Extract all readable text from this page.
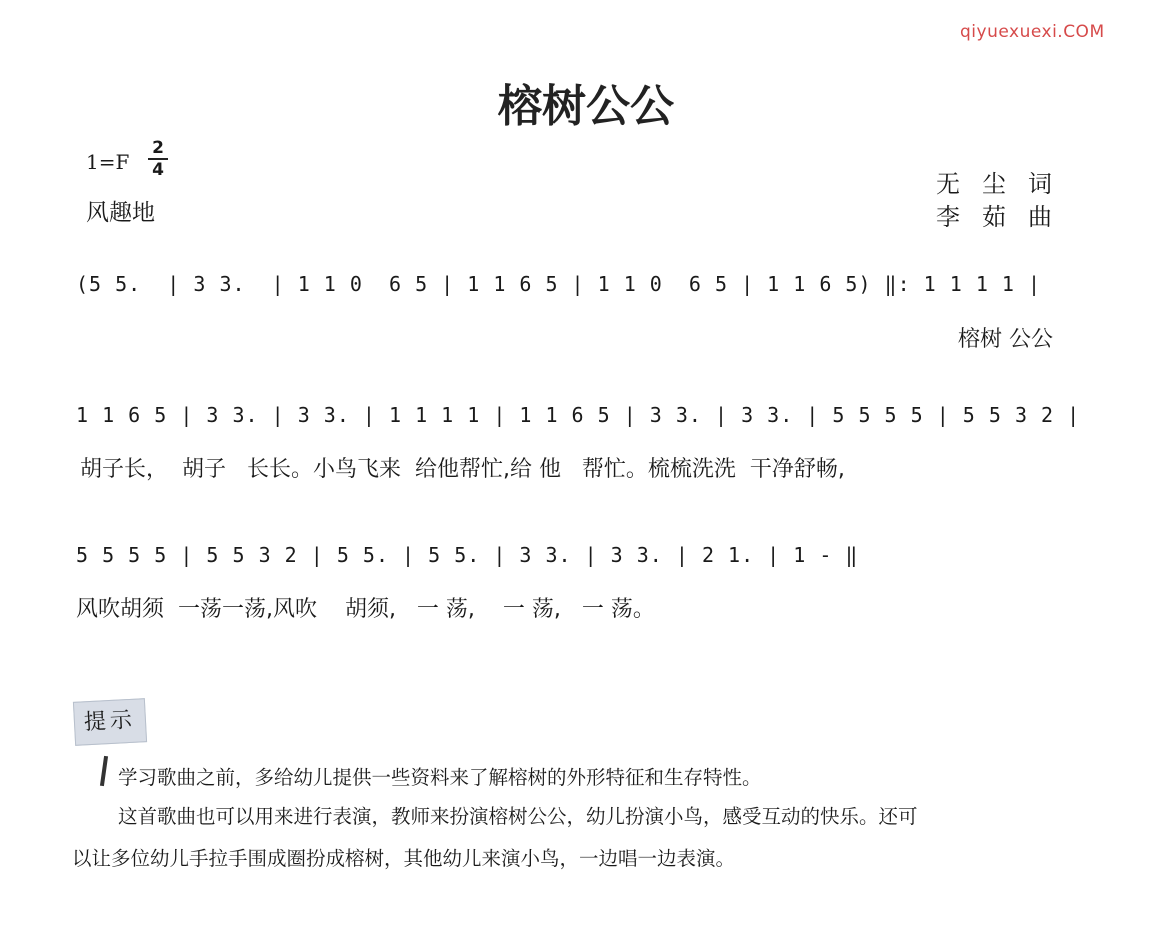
qiyuexuexi.COM
榕树公公
1=F
2
4
风趣地
无尘词
李茹曲
(5 5.  | 3 3.  | 1 1 0  6 5 | 1 1 6 5 | 1 1 0  6 5 | 1 1 6 5) ‖: 1 1 1 1 |
榕树 公公
1 1 6 5 | 3 3. | 3 3. | 1 1 1 1 | 1 1 6 5 | 3 3. | 3 3. | 5 5 5 5 | 5 5 3 2 |
胡子长，  胡子   长长。小鸟飞来  给他帮忙,给 他   帮忙。梳梳洗洗  干净舒畅,
5 5 5 5 | 5 5 3 2 | 5 5. | 5 5. | 3 3. | 3 3. | 2 1. | 1 - ‖
风吹胡须  一荡一荡,风吹    胡须,   一 荡,    一 荡,   一 荡。
提示
学习歌曲之前，多给幼儿提供一些资料来了解榕树的外形特征和生存特性。
这首歌曲也可以用来进行表演，教师来扮演榕树公公，幼儿扮演小鸟，感受互动的快乐。还可
以让多位幼儿手拉手围成圈扮成榕树，其他幼儿来演小鸟，一边唱一边表演。
